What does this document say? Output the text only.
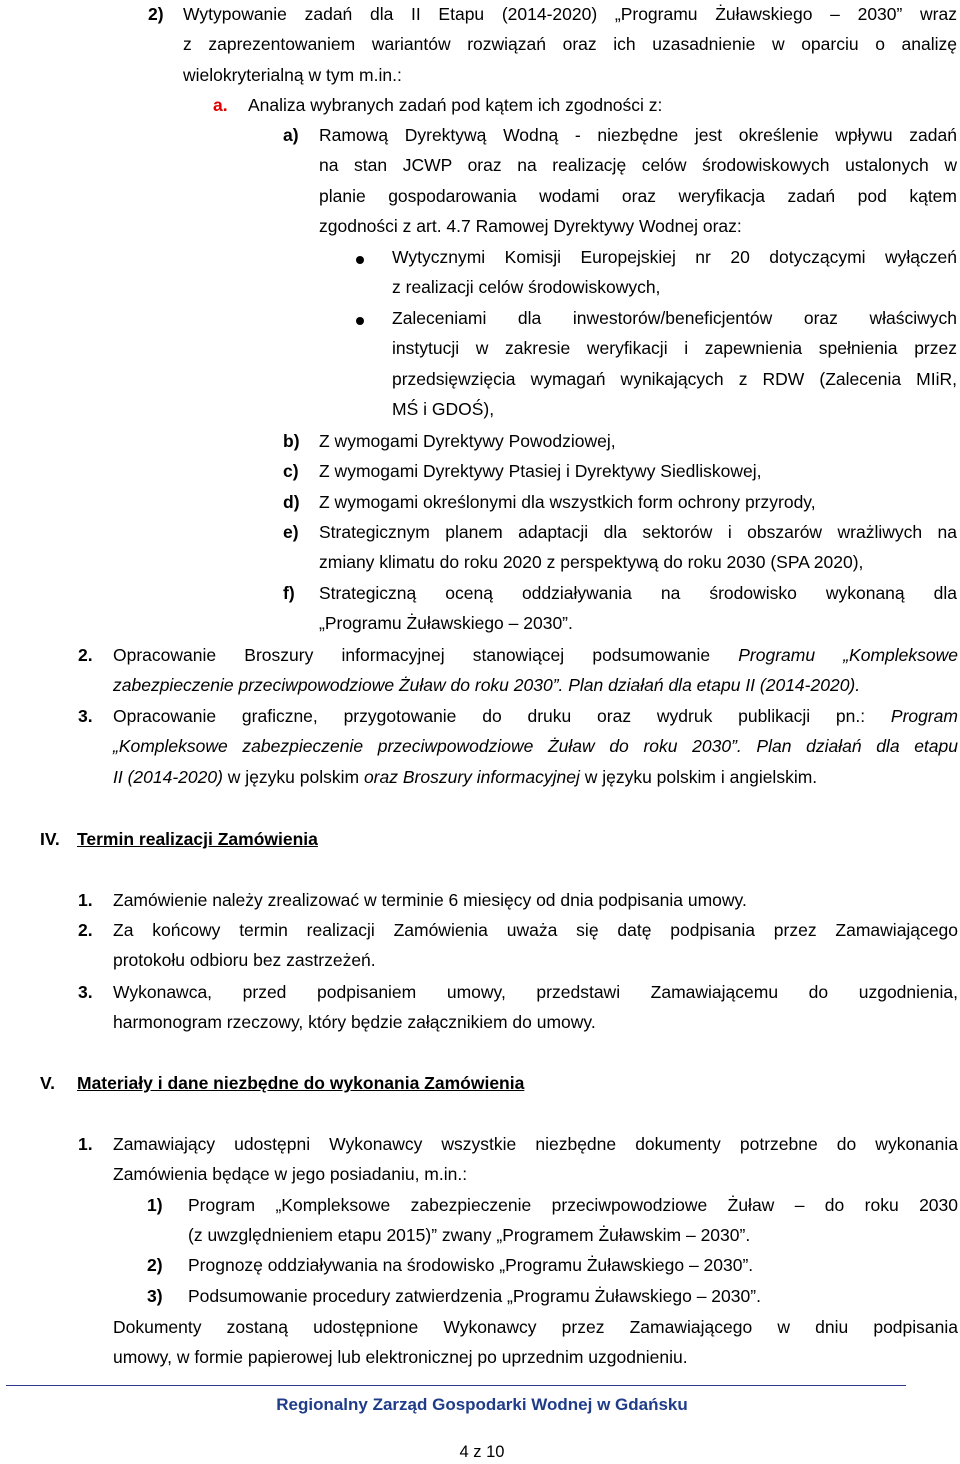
2) Wytypowanie zadań dla II Etapu (2014-2020) „Programu Żuławskiego – 2030” wraz
z zaprezentowaniem wariantów rozwiązań oraz ich uzasadnienie w oparciu o analizę
wielokryterialną w tym m.in.:
a. Analiza wybranych zadań pod kątem ich zgodności z:
a) Ramową Dyrektywą Wodną - niezbędne jest określenie wpływu zadań
na stan JCWP oraz na realizację celów środowiskowych ustalonych w
planie gospodarowania wodami oraz weryfikacja zadań pod kątem
zgodności z art. 4.7 Ramowej Dyrektywy Wodnej oraz:
Wytycznymi Komisji Europejskiej nr 20 dotyczącymi wyłączeń
z realizacji celów środowiskowych,
Zaleceniami dla inwestorów/beneficjentów oraz właściwych
instytucji w zakresie weryfikacji i zapewnienia spełnienia przez
przedsięwzięcia wymagań wynikających z RDW (Zalecenia MIiR,
MŚ i GDOŚ),
b) Z wymogami Dyrektywy Powodziowej,
c) Z wymogami Dyrektywy Ptasiej i Dyrektywy Siedliskowej,
d) Z wymogami określonymi dla wszystkich form ochrony przyrody,
e) Strategicznym planem adaptacji dla sektorów i obszarów wrażliwych na
zmiany klimatu do roku 2020 z perspektywą do roku 2030 (SPA 2020),
f) Strategiczną oceną oddziaływania na środowisko wykonaną dla
„Programu Żuławskiego – 2030”.
2. Opracowanie Broszury informacyjnej stanowiącej podsumowanie Programu „Kompleksowe
zabezpieczenie przeciwpowodziowe Żuław do roku 2030”. Plan działań dla etapu II (2014-2020).
3. Opracowanie graficzne, przygotowanie do druku oraz wydruk publikacji pn.: Program
„Kompleksowe zabezpieczenie przeciwpowodziowe Żuław do roku 2030”. Plan działań dla etapu
II (2014-2020) w języku polskim oraz Broszury informacyjnej w języku polskim i angielskim.
IV. Termin realizacji Zamówienia
1. Zamówienie należy zrealizować w terminie 6 miesięcy od dnia podpisania umowy.
2. Za końcowy termin realizacji Zamówienia uważa się datę podpisania przez Zamawiającego
protokołu odbioru bez zastrzeżeń.
3. Wykonawca, przed podpisaniem umowy, przedstawi Zamawiającemu do uzgodnienia,
harmonogram rzeczowy, który będzie załącznikiem do umowy.
V. Materiały i dane niezbędne do wykonania Zamówienia
1. Zamawiający udostępni Wykonawcy wszystkie niezbędne dokumenty potrzebne do wykonania
Zamówienia będące w jego posiadaniu, m.in.:
1) Program „Kompleksowe zabezpieczenie przeciwpowodziowe Żuław – do roku 2030
(z uwzględnieniem etapu 2015)” zwany „Programem Żuławskim – 2030”.
2) Prognozę oddziaływania na środowisko „Programu Żuławskiego – 2030”.
3) Podsumowanie procedury zatwierdzenia „Programu Żuławskiego – 2030”.
Dokumenty zostaną udostępnione Wykonawcy przez Zamawiającego w dniu podpisania
umowy, w formie papierowej lub elektronicznej po uprzednim uzgodnieniu.
Regionalny Zarząd Gospodarki Wodnej w Gdańsku
4 z 10
